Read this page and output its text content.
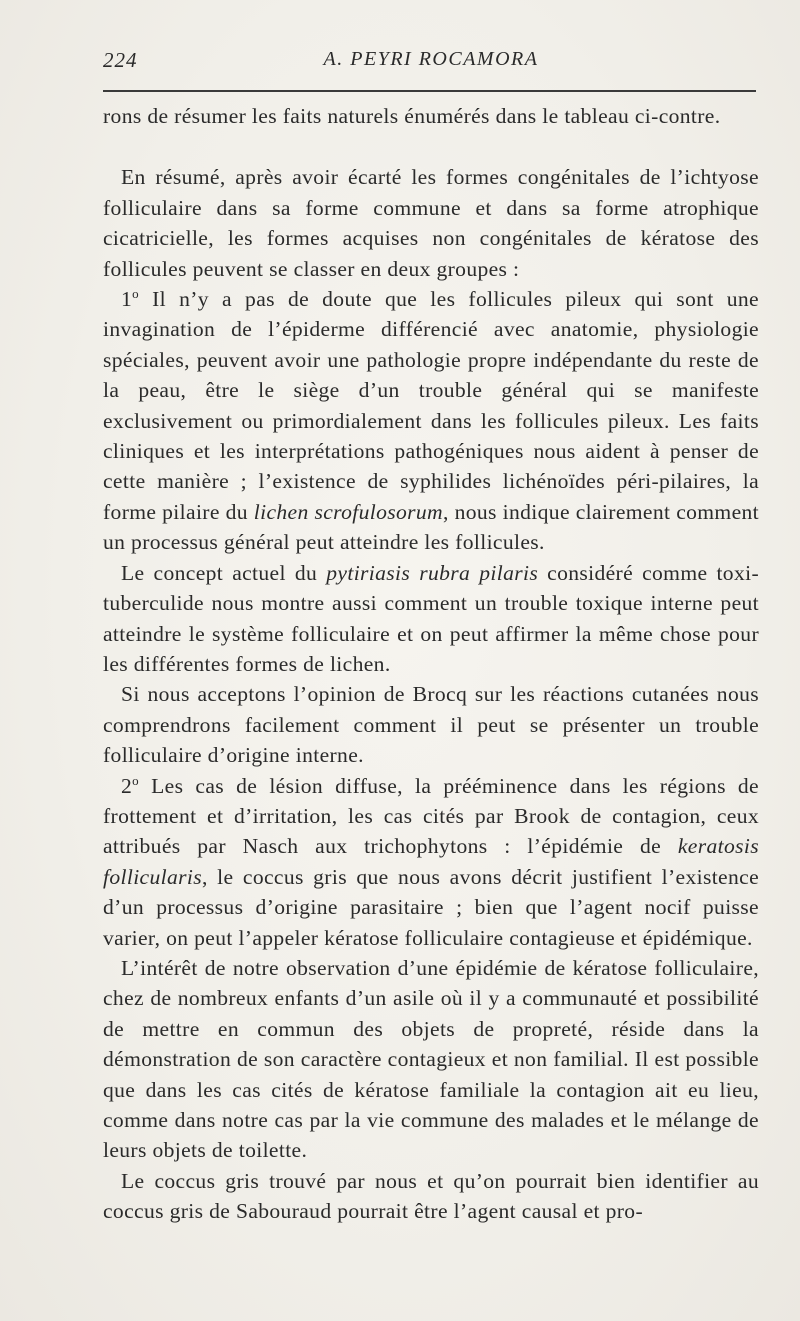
224	A. PEYRI ROCAMORA

rons de résumer les faits naturels énumérés dans le tableau ci-contre.

En résumé, après avoir écarté les formes congénitales de l’ichtyose folliculaire dans sa forme commune et dans sa forme atrophique cicatricielle, les formes acquises non congénitales de kératose des follicules peuvent se classer en deux groupes :

1$^o$ Il n’y a pas de doute que les follicules pileux qui sont une invagination de l’épiderme différencié avec anatomie, physiologie spéciales, peuvent avoir une pathologie propre indépendante du reste de la peau, être le siège d’un trouble général qui se manifeste exclusivement ou primordialement dans les follicules pileux. Les faits cliniques et les interprétations pathogéniques nous aident à penser de cette manière ; l’existence de syphilides lichénoïdes péri-pilaires, la forme pilaire du lichen scrofulosorum, nous indique clairement comment un processus général peut atteindre les follicules.

Le concept actuel du pytiriasis rubra pilaris considéré comme toxi-tuberculide nous montre aussi comment un trouble toxique interne peut atteindre le système folliculaire et on peut affirmer la même chose pour les différentes formes de lichen.

Si nous acceptons l’opinion de Brocq sur les réactions cutanées nous comprendrons facilement comment il peut se présenter un trouble folliculaire d’origine interne.

2$^o$ Les cas de lésion diffuse, la prééminence dans les régions de frottement et d’irritation, les cas cités par Brook de contagion, ceux attribués par Nasch aux trichophytons : l’épidémie de keratosis follicularis, le coccus gris que nous avons décrit justifient l’existence d’un processus d’origine parasitaire ; bien que l’agent nocif puisse varier, on peut l’appeler kératose folliculaire contagieuse et épidémique.

L’intérêt de notre observation d’une épidémie de kératose folliculaire, chez de nombreux enfants d’un asile où il y a communauté et possibilité de mettre en commun des objets de propreté, réside dans la démonstration de son caractère contagieux et non familial. Il est possible que dans les cas cités de kératose familiale la contagion ait eu lieu, comme dans notre cas par la vie commune des malades et le mélange de leurs objets de toilette.

Le coccus gris trouvé par nous et qu’on pourrait bien identifier au coccus gris de Sabouraud pourrait être l’agent causal et pro-
